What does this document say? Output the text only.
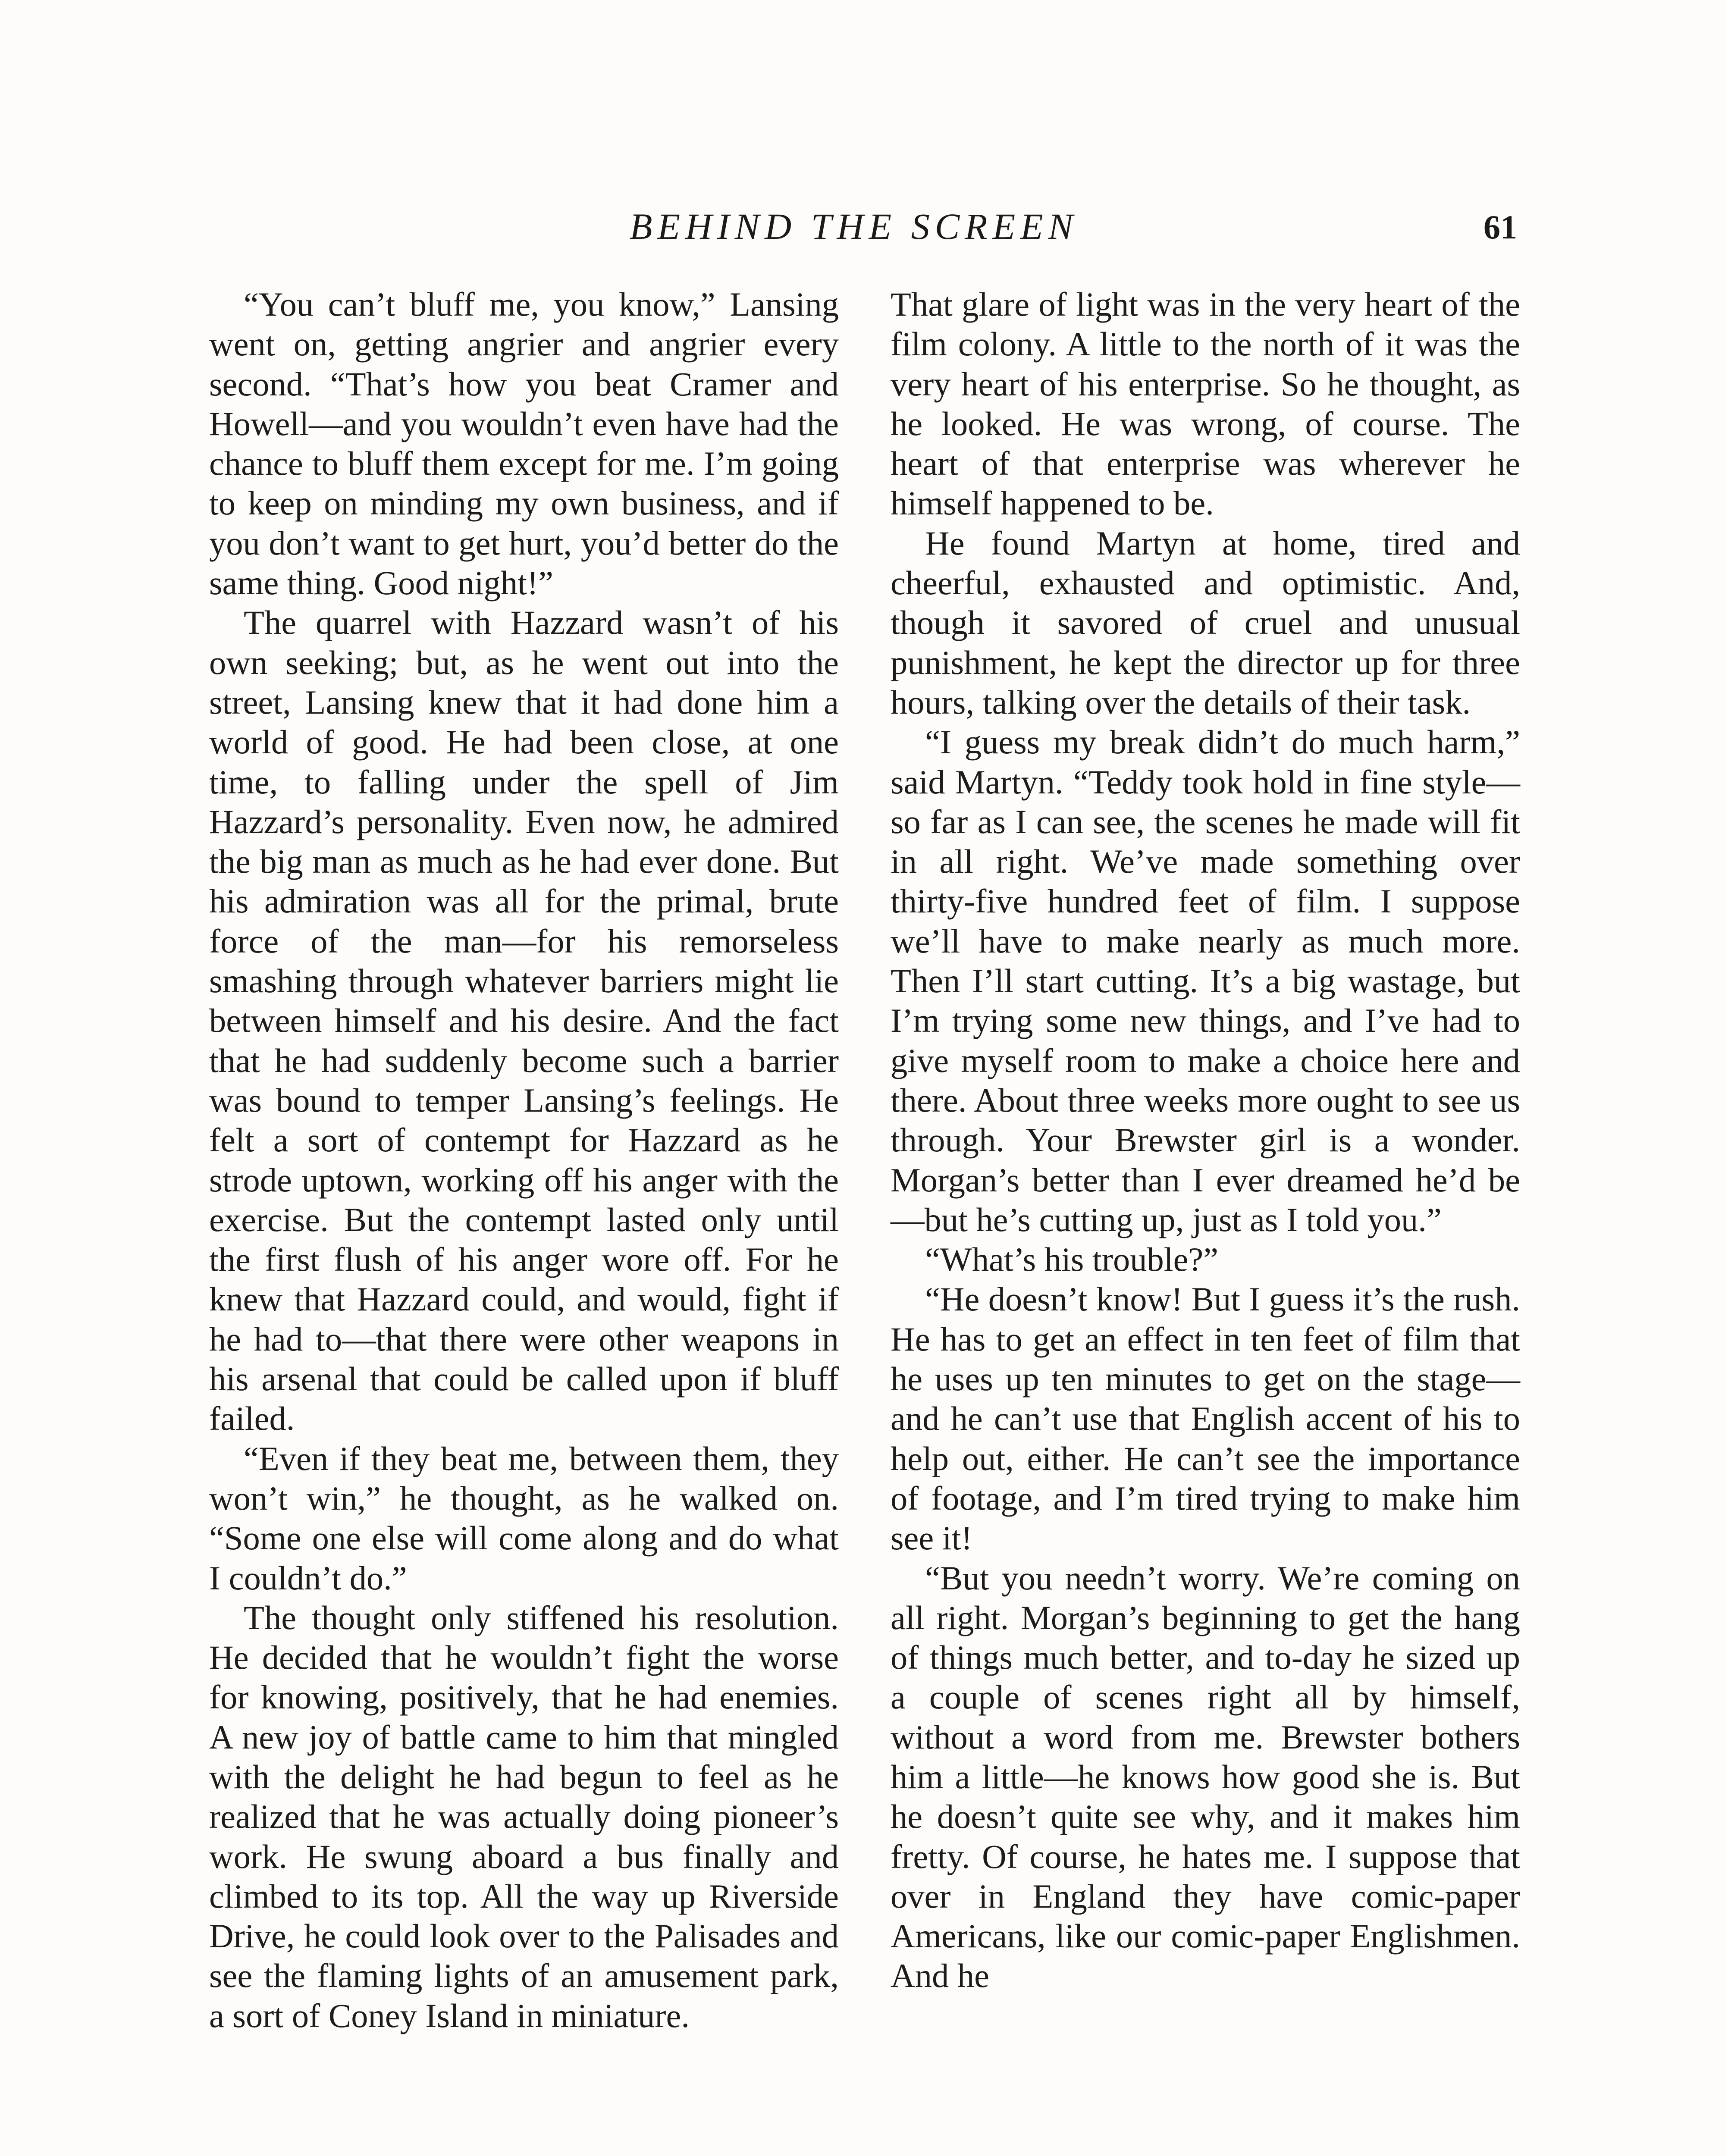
BEHIND THE SCREEN	61

“You can’t bluff me, you know,” Lansing went on, getting angrier and angrier every second. “That’s how you beat Cramer and Howell—and you wouldn’t even have had the chance to bluff them except for me. I’m going to keep on minding my own business, and if you don’t want to get hurt, you’d better do the same thing. Good night!”

The quarrel with Hazzard wasn’t of his own seeking; but, as he went out into the street, Lansing knew that it had done him a world of good. He had been close, at one time, to falling under the spell of Jim Hazzard’s personality. Even now, he admired the big man as much as he had ever done. But his admiration was all for the primal, brute force of the man—for his remorseless smashing through whatever barriers might lie between himself and his desire. And the fact that he had suddenly become such a barrier was bound to temper Lansing’s feelings. He felt a sort of contempt for Hazzard as he strode uptown, working off his anger with the exercise. But the contempt lasted only until the first flush of his anger wore off. For he knew that Hazzard could, and would, fight if he had to—that there were other weapons in his arsenal that could be called upon if bluff failed.

“Even if they beat me, between them, they won’t win,” he thought, as he walked on. “Some one else will come along and do what I couldn’t do.”

The thought only stiffened his resolution. He decided that he wouldn’t fight the worse for knowing, positively, that he had enemies. A new joy of battle came to him that mingled with the delight he had begun to feel as he realized that he was actually doing pioneer’s work. He swung aboard a bus finally and climbed to its top. All the way up Riverside Drive, he could look over to the Palisades and see the flaming lights of an amusement park, a sort of Coney Island in miniature.

That glare of light was in the very heart of the film colony. A little to the north of it was the very heart of his enterprise. So he thought, as he looked. He was wrong, of course. The heart of that enterprise was wherever he himself happened to be.

He found Martyn at home, tired and cheerful, exhausted and optimistic. And, though it savored of cruel and unusual punishment, he kept the director up for three hours, talking over the details of their task.

“I guess my break didn’t do much harm,” said Martyn. “Teddy took hold in fine style—so far as I can see, the scenes he made will fit in all right. We’ve made something over thirty-five hundred feet of film. I suppose we’ll have to make nearly as much more. Then I’ll start cutting. It’s a big wastage, but I’m trying some new things, and I’ve had to give myself room to make a choice here and there. About three weeks more ought to see us through. Your Brewster girl is a wonder. Morgan’s better than I ever dreamed he’d be—but he’s cutting up, just as I told you.”

“What’s his trouble?”

“He doesn’t know! But I guess it’s the rush. He has to get an effect in ten feet of film that he uses up ten minutes to get on the stage—and he can’t use that English accent of his to help out, either. He can’t see the importance of footage, and I’m tired trying to make him see it!

“But you needn’t worry. We’re coming on all right. Morgan’s beginning to get the hang of things much better, and to-day he sized up a couple of scenes right all by himself, without a word from me. Brewster bothers him a little—he knows how good she is. But he doesn’t quite see why, and it makes him fretty. Of course, he hates me. I suppose that over in England they have comic-paper Americans, like our comic-paper Englishmen. And he
